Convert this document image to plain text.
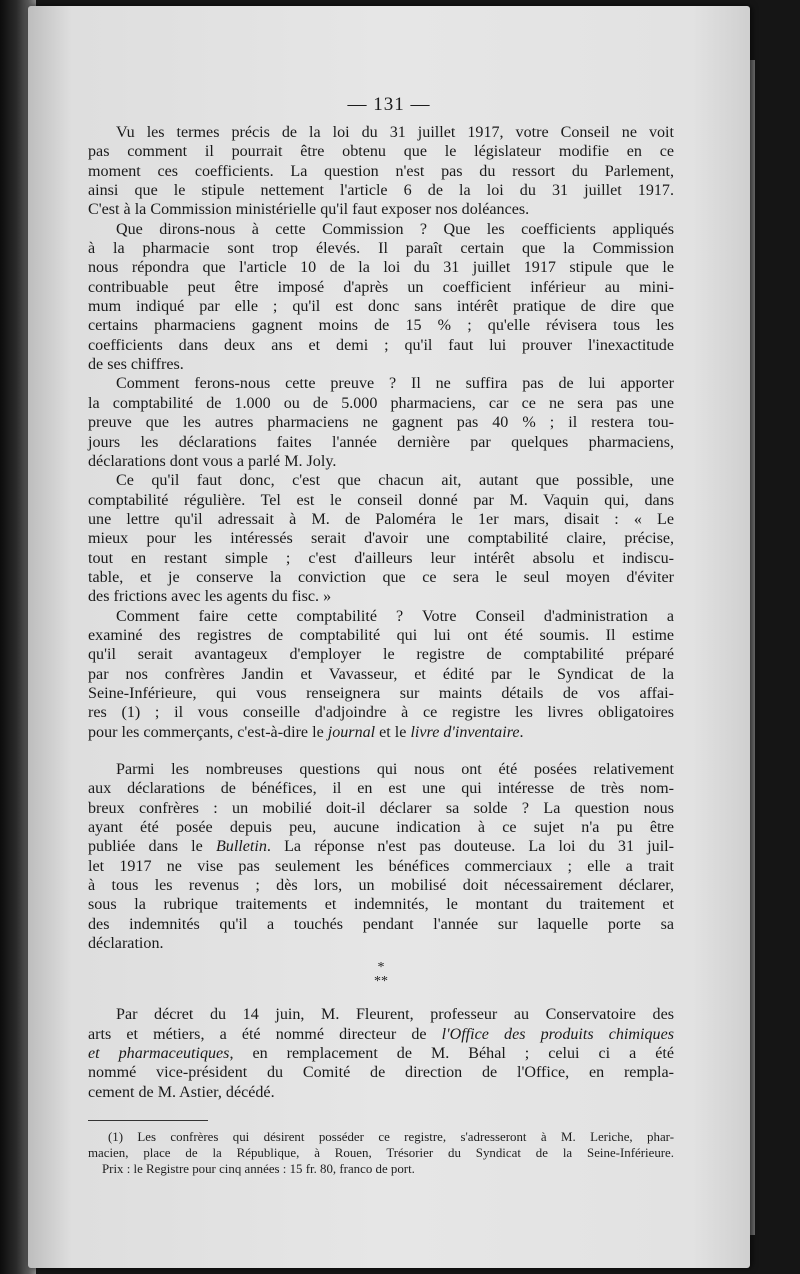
— 131 —

Vu les termes précis de la loi du 31 juillet 1917, votre Conseil ne voit
pas comment il pourrait être obtenu que le législateur modifie en ce
moment ces coefficients. La question n'est pas du ressort du Parlement,
ainsi que le stipule nettement l'article 6 de la loi du 31 juillet 1917.
C'est à la Commission ministérielle qu'il faut exposer nos doléances.

Que dirons-nous à cette Commission ? Que les coefficients appliqués
à la pharmacie sont trop élevés. Il paraît certain que la Commission
nous répondra que l'article 10 de la loi du 31 juillet 1917 stipule que le
contribuable peut être imposé d'après un coefficient inférieur au mini-
mum indiqué par elle ; qu'il est donc sans intérêt pratique de dire que
certains pharmaciens gagnent moins de 15 % ; qu'elle révisera tous les
coefficients dans deux ans et demi ; qu'il faut lui prouver l'inexactitude
de ses chiffres.

Comment ferons-nous cette preuve ? Il ne suffira pas de lui apporter
la comptabilité de 1.000 ou de 5.000 pharmaciens, car ce ne sera pas une
preuve que les autres pharmaciens ne gagnent pas 40 % ; il restera tou-
jours les déclarations faites l'année dernière par quelques pharmaciens,
déclarations dont vous a parlé M. Joly.

Ce qu'il faut donc, c'est que chacun ait, autant que possible, une
comptabilité régulière. Tel est le conseil donné par M. Vaquin qui, dans
une lettre qu'il adressait à M. de Paloméra le 1er mars, disait : « Le
mieux pour les intéressés serait d'avoir une comptabilité claire, précise,
tout en restant simple ; c'est d'ailleurs leur intérêt absolu et indiscu-
table, et je conserve la conviction que ce sera le seul moyen d'éviter
des frictions avec les agents du fisc. »

Comment faire cette comptabilité ? Votre Conseil d'administration a
examiné des registres de comptabilité qui lui ont été soumis. Il estime
qu'il serait avantageux d'employer le registre de comptabilité préparé
par nos confrères Jandin et Vavasseur, et édité par le Syndicat de la
Seine-Inférieure, qui vous renseignera sur maints détails de vos affai-
res (1) ; il vous conseille d'adjoindre à ce registre les livres obligatoires
pour les commerçants, c'est-à-dire le journal et le livre d'inventaire.

Parmi les nombreuses questions qui nous ont été posées relativement
aux déclarations de bénéfices, il en est une qui intéresse de très nom-
breux confrères : un mobilié doit-il déclarer sa solde ? La question nous
ayant été posée depuis peu, aucune indication à ce sujet n'a pu être
publiée dans le Bulletin. La réponse n'est pas douteuse. La loi du 31 juil-
let 1917 ne vise pas seulement les bénéfices commerciaux ; elle a trait
à tous les revenus ; dès lors, un mobilisé doit nécessairement déclarer,
sous la rubrique traitements et indemnités, le montant du traitement et
des indemnités qu'il a touchés pendant l'année sur laquelle porte sa
déclaration.

*
**

Par décret du 14 juin, M. Fleurent, professeur au Conservatoire des
arts et métiers, a été nommé directeur de l'Office des produits chimiques
et pharmaceutiques, en remplacement de M. Béhal ; celui ci a été
nommé vice-président du Comité de direction de l'Office, en rempla-
cement de M. Astier, décédé.

(1) Les confrères qui désirent posséder ce registre, s'adresseront à M. Leriche, phar-
macien, place de la République, à Rouen, Trésorier du Syndicat de la Seine-Inférieure.
Prix : le Registre pour cinq années : 15 fr. 80, franco de port.
